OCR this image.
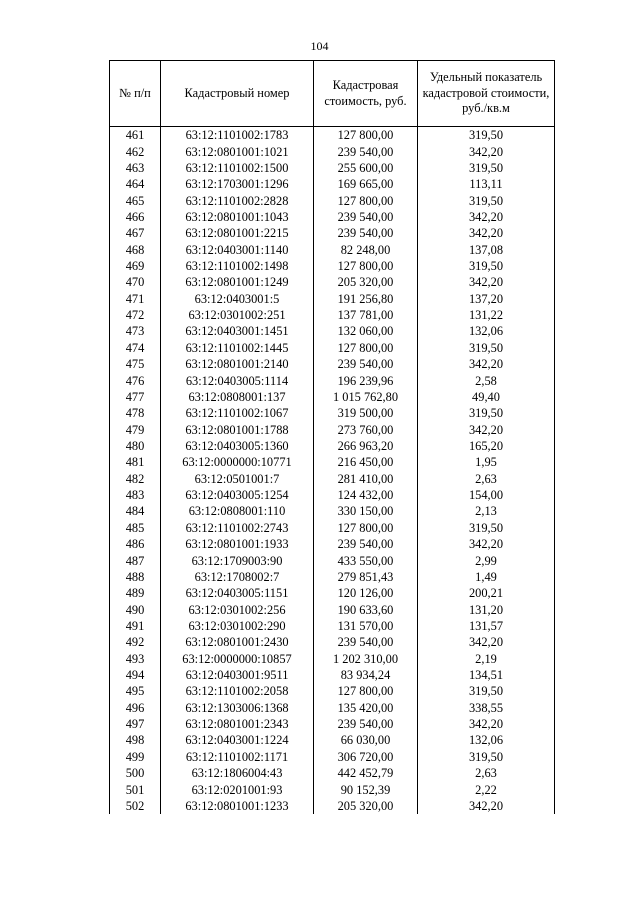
104
№ п/п	Кадастровый номер	Кадастровая стоимость, руб.	Удельный показатель кадастровой стоимости, руб./кв.м
461	63:12:1101002:1783	127 800,00	319,50
462	63:12:0801001:1021	239 540,00	342,20
463	63:12:1101002:1500	255 600,00	319,50
464	63:12:1703001:1296	169 665,00	113,11
465	63:12:1101002:2828	127 800,00	319,50
466	63:12:0801001:1043	239 540,00	342,20
467	63:12:0801001:2215	239 540,00	342,20
468	63:12:0403001:1140	82 248,00	137,08
469	63:12:1101002:1498	127 800,00	319,50
470	63:12:0801001:1249	205 320,00	342,20
471	63:12:0403001:5	191 256,80	137,20
472	63:12:0301002:251	137 781,00	131,22
473	63:12:0403001:1451	132 060,00	132,06
474	63:12:1101002:1445	127 800,00	319,50
475	63:12:0801001:2140	239 540,00	342,20
476	63:12:0403005:1114	196 239,96	2,58
477	63:12:0808001:137	1 015 762,80	49,40
478	63:12:1101002:1067	319 500,00	319,50
479	63:12:0801001:1788	273 760,00	342,20
480	63:12:0403005:1360	266 963,20	165,20
481	63:12:0000000:10771	216 450,00	1,95
482	63:12:0501001:7	281 410,00	2,63
483	63:12:0403005:1254	124 432,00	154,00
484	63:12:0808001:110	330 150,00	2,13
485	63:12:1101002:2743	127 800,00	319,50
486	63:12:0801001:1933	239 540,00	342,20
487	63:12:1709003:90	433 550,00	2,99
488	63:12:1708002:7	279 851,43	1,49
489	63:12:0403005:1151	120 126,00	200,21
490	63:12:0301002:256	190 633,60	131,20
491	63:12:0301002:290	131 570,00	131,57
492	63:12:0801001:2430	239 540,00	342,20
493	63:12:0000000:10857	1 202 310,00	2,19
494	63:12:0403001:9511	83 934,24	134,51
495	63:12:1101002:2058	127 800,00	319,50
496	63:12:1303006:1368	135 420,00	338,55
497	63:12:0801001:2343	239 540,00	342,20
498	63:12:0403001:1224	66 030,00	132,06
499	63:12:1101002:1171	306 720,00	319,50
500	63:12:1806004:43	442 452,79	2,63
501	63:12:0201001:93	90 152,39	2,22
502	63:12:0801001:1233	205 320,00	342,20
